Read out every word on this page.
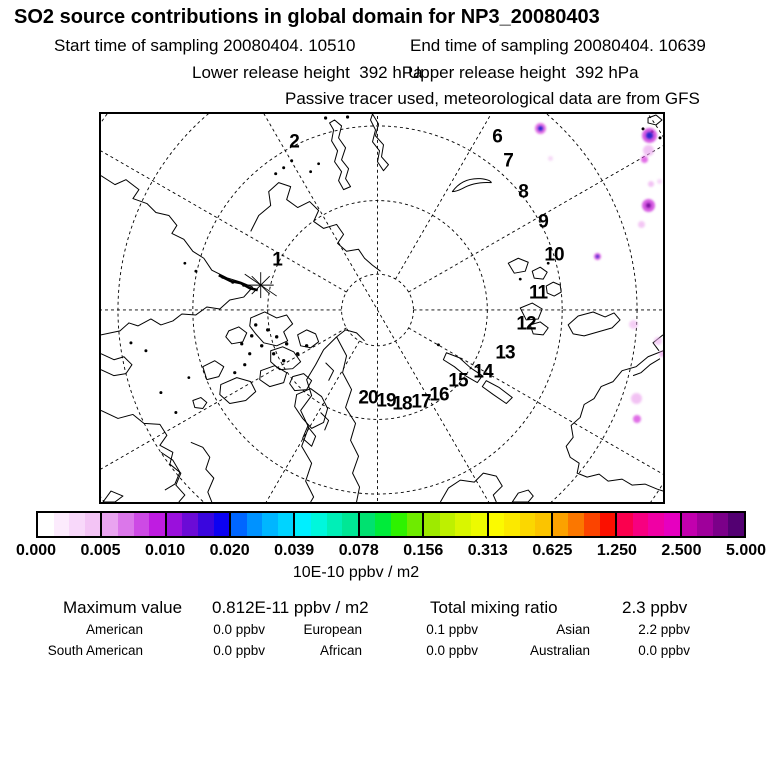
SO2 source contributions in global domain for NP3_20080403
Start time of sampling 20080404. 10510	End time of sampling 20080404. 10639
Lower release height  392 hPa
Upper release height  392 hPa
Passive tracer used, meteorological data are from GFS
1
2	6
7
8
9
10
11
12
13
14
15
16
17
18
19
20
0.000 0.005 0.010 0.020 0.039 0.078 0.156 0.313 0.625 1.250 2.500 5.000
10E-10 ppbv / m2
Maximum value 0.812E-11 ppbv / m2	Total mixing ratio	2.3 ppbv
American	0.0 ppbv	European	0.1 ppbv	Asian	2.2 ppbv
South American	0.0 ppbv	African	0.0 ppbv	Australian	0.0 ppbv
